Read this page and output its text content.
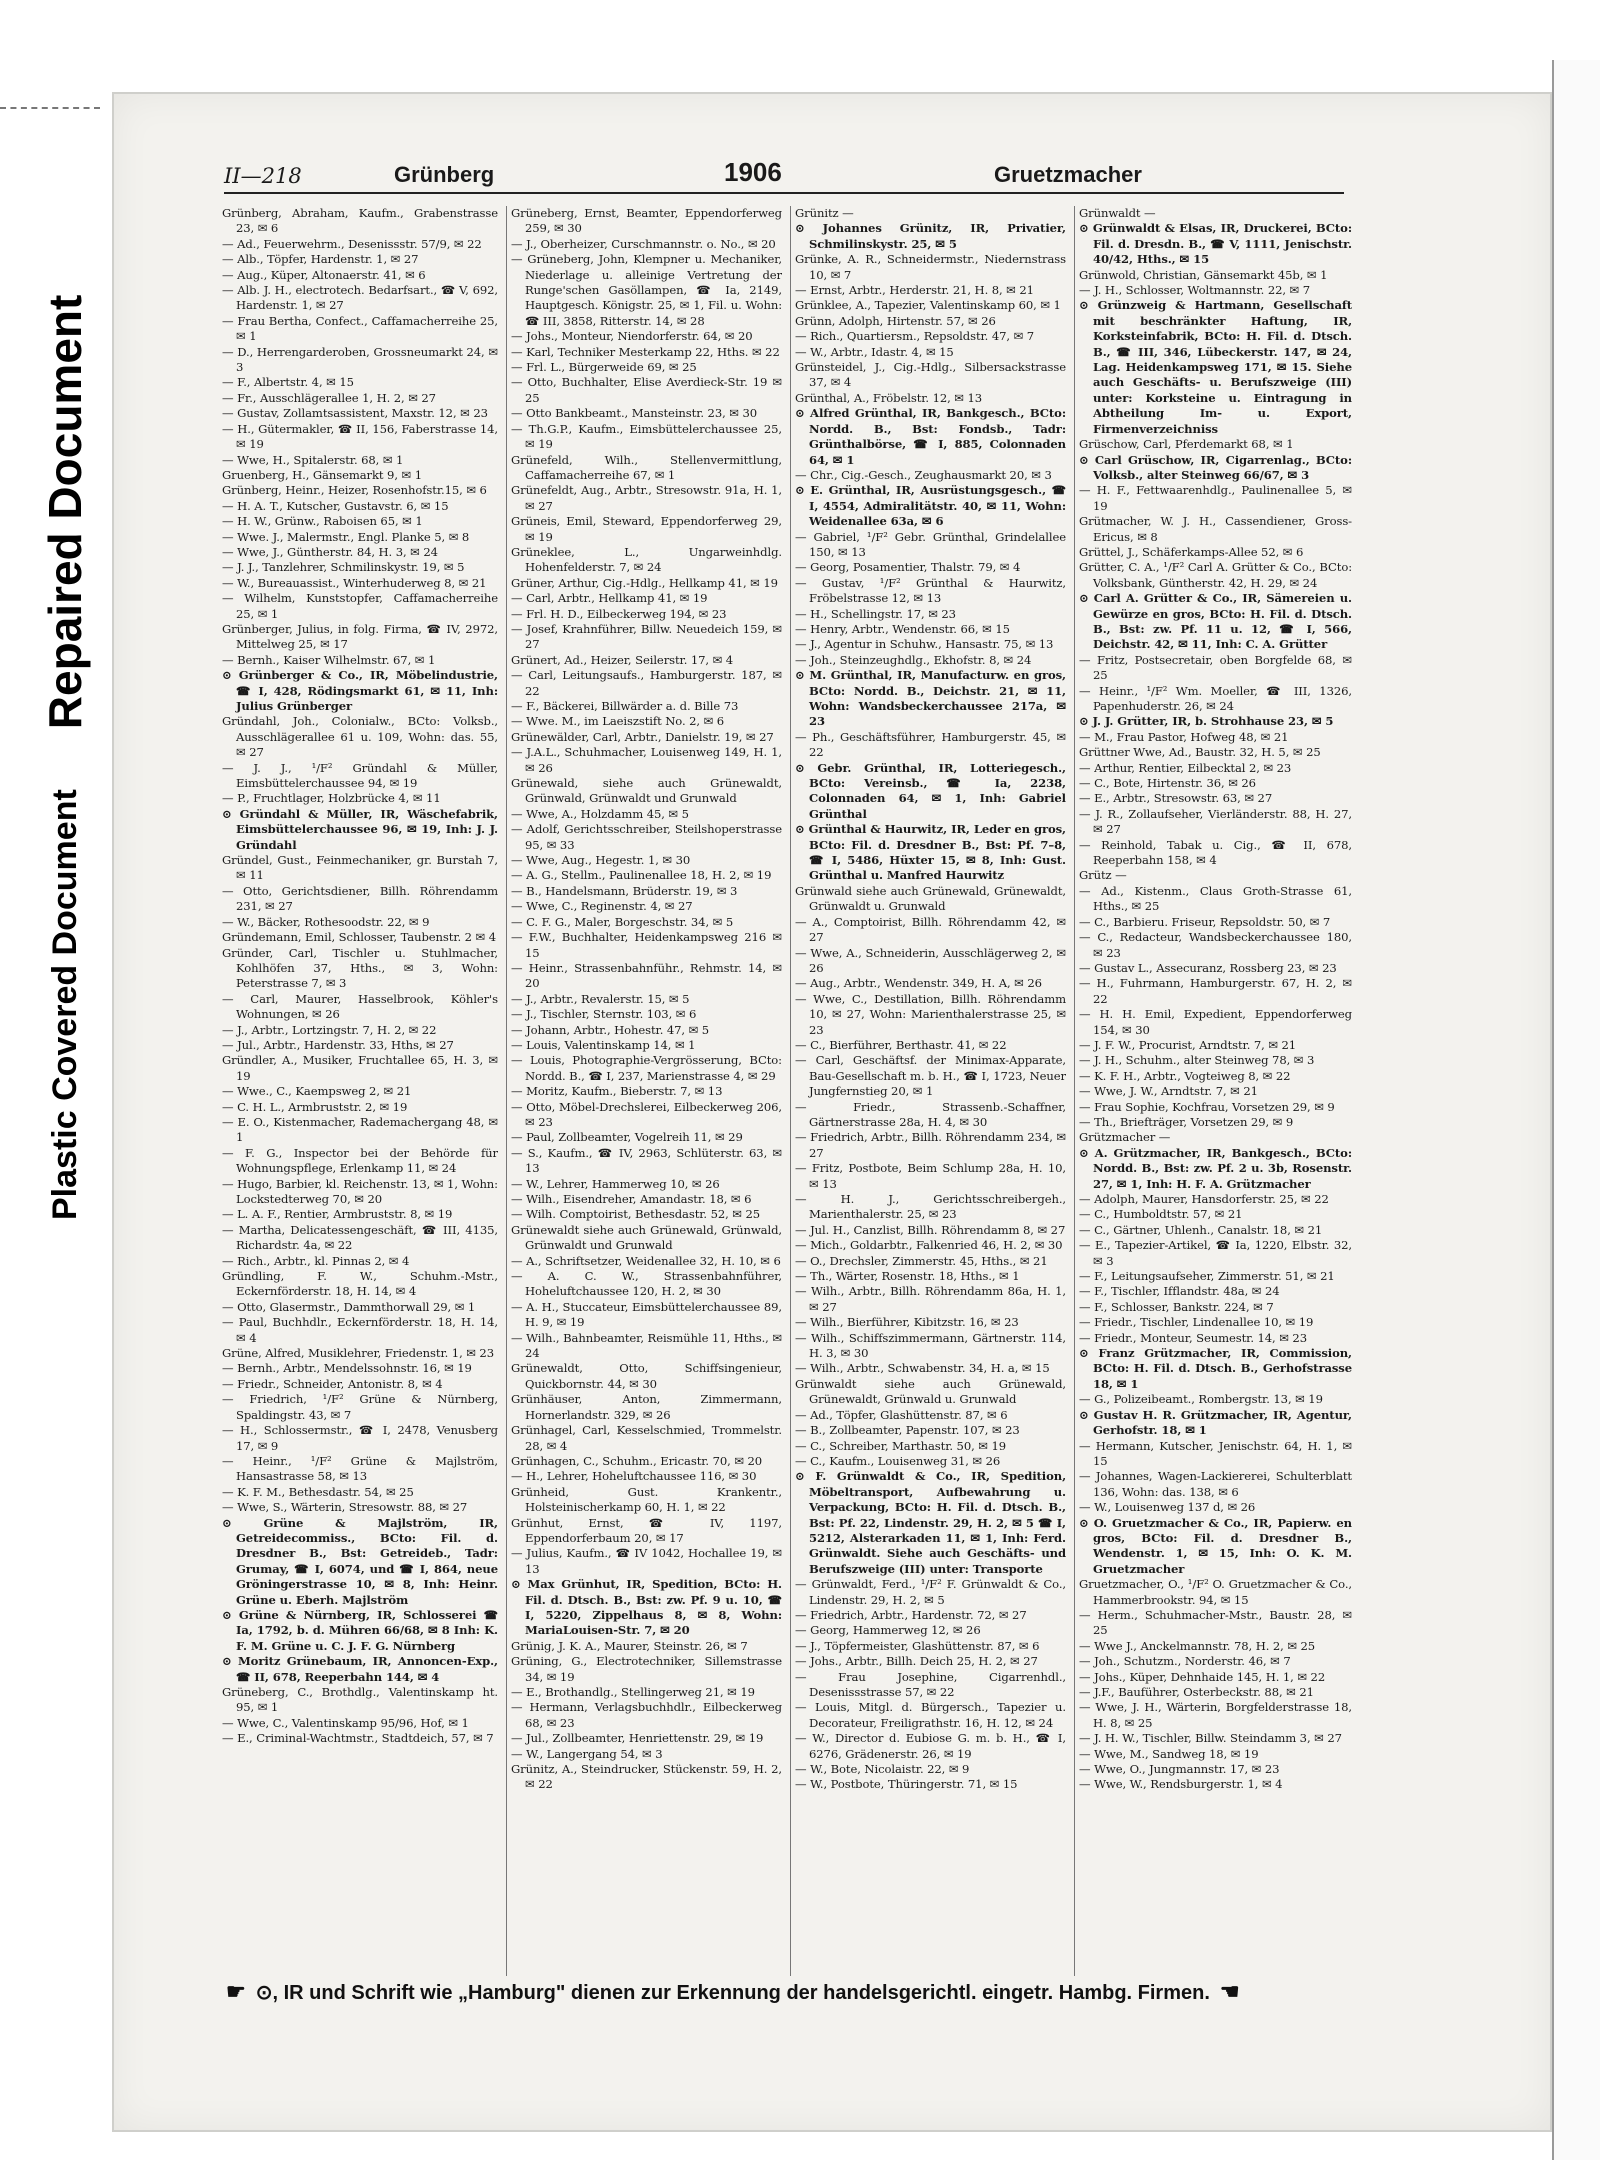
Plastic Covered Document
Repaired Document
II—218	Grünberg	1906	Gruetzmacher
Grünberg, Abraham, Kaufm., Grabenstrasse 23, ✉ 6
— Ad., Feuerwehrm., Desenissstr. 57/9, ✉ 22
— Alb., Töpfer, Hardenstr. 1, ✉ 27
— Aug., Küper, Altonaerstr. 41, ✉ 6
— Alb. J. H., electrotech. Bedarfsart., ☎ V, 692, Hardenstr. 1, ✉ 27
— Frau Bertha, Confect., Caffamacherreihe 25, ✉ 1
— D., Herrengarderoben, Grossneumarkt 24, ✉ 3
— F., Albertstr. 4, ✉ 15
— Fr., Ausschlägerallee 1, H. 2, ✉ 27
— Gustav, Zollamtsassistent, Maxstr. 12, ✉ 23
— H., Gütermakler, ☎ II, 156, Faberstrasse 14, ✉ 19
— Wwe, H., Spitalerstr. 68, ✉ 1
Gruenberg, H., Gänsemarkt 9, ✉ 1
Grünberg, Heinr., Heizer, Rosenhofstr.15, ✉ 6
— H. A. T., Kutscher, Gustavstr. 6, ✉ 15
— H. W., Grünw., Raboisen 65, ✉ 1
— Wwe. J., Malermstr., Engl. Planke 5, ✉ 8
— Wwe, J., Güntherstr. 84, H. 3, ✉ 24
— J. J., Tanzlehrer, Schmilinskystr. 19, ✉ 5
— W., Bureauassist., Winterhuderweg 8, ✉ 21
— Wilhelm, Kunststopfer, Caffamacherreihe 25, ✉ 1
Grünberger, Julius, in folg. Firma, ☎ IV, 2972, Mittelweg 25, ✉ 17
— Bernh., Kaiser Wilhelmstr. 67, ✉ 1
⊙ Grünberger & Co., IR, Möbelindustrie, ☎ I, 428, Rödingsmarkt 61, ✉ 11, Inh: Julius Grünberger
Gründahl, Joh., Colonialw., BCto: Volksb., Ausschlägerallee 61 u. 109, Wohn: das. 55, ✉ 27
— J. J., ¹/F² Gründahl & Müller, Eimsbüttelerchaussee 94, ✉ 19
— P., Fruchtlager, Holzbrücke 4, ✉ 11
⊙ Gründahl & Müller, IR, Wäschefabrik, Eimsbüttelerchaussee 96, ✉ 19, Inh: J. J. Gründahl
Gründel, Gust., Feinmechaniker, gr. Burstah 7, ✉ 11
— Otto, Gerichtsdiener, Billh. Röhrendamm 231, ✉ 27
— W., Bäcker, Rothesoodstr. 22, ✉ 9
Gründemann, Emil, Schlosser, Taubenstr. 2 ✉ 4
Gründer, Carl, Tischler u. Stuhlmacher, Kohlhöfen 37, Hths., ✉ 3, Wohn: Peterstrasse 7, ✉ 3
— Carl, Maurer, Hasselbrook, Köhler's Wohnungen, ✉ 26
— J., Arbtr., Lortzingstr. 7, H. 2, ✉ 22
— Jul., Arbtr., Hardenstr. 33, Hths, ✉ 27
Gründler, A., Musiker, Fruchtallee 65, H. 3, ✉ 19
— Wwe., C., Kaempsweg 2, ✉ 21
— C. H. L., Armbruststr. 2, ✉ 19
— E. O., Kistenmacher, Rademachergang 48, ✉ 1
— F. G., Inspector bei der Behörde für Wohnungspflege, Erlenkamp 11, ✉ 24
— Hugo, Barbier, kl. Reichenstr. 13, ✉ 1, Wohn: Lockstedterweg 70, ✉ 20
— L. A. F., Rentier, Armbruststr. 8, ✉ 19
— Martha, Delicatessengeschäft, ☎ III, 4135, Richardstr. 4a, ✉ 22
— Rich., Arbtr., kl. Pinnas 2, ✉ 4
Gründling, F. W., Schuhm.-Mstr., Eckernförderstr. 18, H. 14, ✉ 4
— Otto, Glasermstr., Dammthorwall 29, ✉ 1
— Paul, Buchhdlr., Eckernförderstr. 18, H. 14, ✉ 4
Grüne, Alfred, Musiklehrer, Friedenstr. 1, ✉ 23
— Bernh., Arbtr., Mendelssohnstr. 16, ✉ 19
— Friedr., Schneider, Antonistr. 8, ✉ 4
— Friedrich, ¹/F² Grüne & Nürnberg, Spaldingstr. 43, ✉ 7
— H., Schlossermstr., ☎ I, 2478, Venusberg 17, ✉ 9
— Heinr., ¹/F² Grüne & Majlström, Hansastrasse 58, ✉ 13
— K. F. M., Bethesdastr. 54, ✉ 25
— Wwe, S., Wärterin, Stresowstr. 88, ✉ 27
⊙ Grüne & Majlström, IR, Getreidecommiss., BCto: Fil. d. Dresdner B., Bst: Getreideb., Tadr: Grumay, ☎ I, 6074, und ☎ I, 864, neue Gröningerstrasse 10, ✉ 8, Inh: Heinr. Grüne u. Eberh. Majlström
⊙ Grüne & Nürnberg, IR, Schlosserei ☎ Ia, 1792, b. d. Mühren 66/68, ✉ 8 Inh: K. F. M. Grüne u. C. J. F. G. Nürnberg
⊙ Moritz Grünebaum, IR, Annoncen-Exp., ☎ II, 678, Reeperbahn 144, ✉ 4
Grüneberg, C., Brothdlg., Valentinskamp ht. 95, ✉ 1
— Wwe, C., Valentinskamp 95/96, Hof, ✉ 1
— E., Criminal-Wachtmstr., Stadtdeich, 57, ✉ 7
Grüneberg, Ernst, Beamter, Eppendorferweg 259, ✉ 30
— J., Oberheizer, Curschmannstr. o. No., ✉ 20
— Grüneberg, John, Klempner u. Mechaniker, Niederlage u. alleinige Vertretung der Runge'schen Gasöllampen, ☎ Ia, 2149, Hauptgesch. Königstr. 25, ✉ 1, Fil. u. Wohn: ☎ III, 3858, Ritterstr. 14, ✉ 28
— Johs., Monteur, Niendorferstr. 64, ✉ 20
— Karl, Techniker Mesterkamp 22, Hths. ✉ 22
— Frl. L., Bürgerweide 69, ✉ 25
— Otto, Buchhalter, Elise Averdieck-Str. 19 ✉ 25
— Otto Bankbeamt., Mansteinstr. 23, ✉ 30
— Th.G.P., Kaufm., Eimsbüttelerchaussee 25, ✉ 19
Grünefeld, Wilh., Stellenvermittlung, Caffamacherreihe 67, ✉ 1
Grünefeldt, Aug., Arbtr., Stresowstr. 91a, H. 1, ✉ 27
Grüneis, Emil, Steward, Eppendorferweg 29, ✉ 19
Grüneklee, L., Ungarweinhdlg. Hohenfelderstr. 7, ✉ 24
Grüner, Arthur, Cig.-Hdlg., Hellkamp 41, ✉ 19
— Carl, Arbtr., Hellkamp 41, ✉ 19
— Frl. H. D., Eilbeckerweg 194, ✉ 23
— Josef, Krahnführer, Billw. Neuedeich 159, ✉ 27
Grünert, Ad., Heizer, Seilerstr. 17, ✉ 4
— Carl, Leitungsaufs., Hamburgerstr. 187, ✉ 22
— F., Bäckerei, Billwärder a. d. Bille 73
— Wwe. M., im Laeiszstift No. 2, ✉ 6
Grünewälder, Carl, Arbtr., Danielstr. 19, ✉ 27
— J.A.L., Schuhmacher, Louisenweg 149, H. 1, ✉ 26
Grünewald, siehe auch Grünewaldt, Grünwald, Grünwaldt und Grunwald
— Wwe, A., Holzdamm 45, ✉ 5
— Adolf, Gerichtsschreiber, Steilshoperstrasse 95, ✉ 33
— Wwe, Aug., Hegestr. 1, ✉ 30
— A. G., Stellm., Paulinenallee 18, H. 2, ✉ 19
— B., Handelsmann, Brüderstr. 19, ✉ 3
— Wwe, C., Reginenstr. 4, ✉ 27
— C. F. G., Maler, Borgeschstr. 34, ✉ 5
— F.W., Buchhalter, Heidenkampsweg 216 ✉ 15
— Heinr., Strassenbahnführ., Rehmstr. 14, ✉ 20
— J., Arbtr., Revalerstr. 15, ✉ 5
— J., Tischler, Sternstr. 103, ✉ 6
— Johann, Arbtr., Hohestr. 47, ✉ 5
— Louis, Valentinskamp 14, ✉ 1
— Louis, Photographie-Vergrösserung, BCto: Nordd. B., ☎ I, 237, Marienstrasse 4, ✉ 29
— Moritz, Kaufm., Bieberstr. 7, ✉ 13
— Otto, Möbel-Drechslerei, Eilbeckerweg 206, ✉ 23
— Paul, Zollbeamter, Vogelreih 11, ✉ 29
— S., Kaufm., ☎ IV, 2963, Schlüterstr. 63, ✉ 13
— W., Lehrer, Hammerweg 10, ✉ 26
— Wilh., Eisendreher, Amandastr. 18, ✉ 6
— Wilh. Comptoirist, Bethesdastr. 52, ✉ 25
Grünewaldt siehe auch Grünewald, Grünwald, Grünwaldt und Grunwald
— A., Schriftsetzer, Weidenallee 32, H. 10, ✉ 6
— A. C. W., Strassenbahnführer, Hoheluftchaussee 120, H. 2, ✉ 30
— A. H., Stuccateur, Eimsbüttelerchaussee 89, H. 9, ✉ 19
— Wilh., Bahnbeamter, Reismühle 11, Hths., ✉ 24
Grünewaldt, Otto, Schiffsingenieur, Quickbornstr. 44, ✉ 30
Grünhäuser, Anton, Zimmermann, Hornerlandstr. 329, ✉ 26
Grünhagel, Carl, Kesselschmied, Trommelstr. 28, ✉ 4
Grünhagen, C., Schuhm., Ericastr. 70, ✉ 20
— H., Lehrer, Hoheluftchaussee 116, ✉ 30
Grünheid, Gust. Krankentr., Holsteinischerkamp 60, H. 1, ✉ 22
Grünhut, Ernst, ☎ IV, 1197, Eppendorferbaum 20, ✉ 17
— Julius, Kaufm., ☎ IV 1042, Hochallee 19, ✉ 13
⊙ Max Grünhut, IR, Spedition, BCto: H. Fil. d. Dtsch. B., Bst: zw. Pf. 9 u. 10, ☎ I, 5220, Zippelhaus 8, ✉ 8, Wohn: MariaLouisen-Str. 7, ✉ 20
Grünig, J. K. A., Maurer, Steinstr. 26, ✉ 7
Grüning, G., Electrotechniker, Sillemstrasse 34, ✉ 19
— E., Brothandlg., Stellingerweg 21, ✉ 19
— Hermann, Verlagsbuchhdlr., Eilbeckerweg 68, ✉ 23
— Jul., Zollbeamter, Henriettenstr. 29, ✉ 19
— W., Langergang 54, ✉ 3
Grünitz, A., Steindrucker, Stückenstr. 59, H. 2, ✉ 22
Grünitz —
⊙ Johannes Grünitz, IR, Privatier, Schmilinskystr. 25, ✉ 5
Grünke, A. R., Schneidermstr., Niedernstrass 10, ✉ 7
— Ernst, Arbtr., Herderstr. 21, H. 8, ✉ 21
Grünklee, A., Tapezier, Valentinskamp 60, ✉ 1
Grünn, Adolph, Hirtenstr. 57, ✉ 26
— Rich., Quartiersm., Repsoldstr. 47, ✉ 7
— W., Arbtr., Idastr. 4, ✉ 15
Grünsteidel, J., Cig.-Hdlg., Silbersackstrasse 37, ✉ 4
Grünthal, A., Fröbelstr. 12, ✉ 13
⊙ Alfred Grünthal, IR, Bankgesch., BCto: Nordd. B., Bst: Fondsb., Tadr: Grünthalbörse, ☎ I, 885, Colonnaden 64, ✉ 1
— Chr., Cig.-Gesch., Zeughausmarkt 20, ✉ 3
⊙ E. Grünthal, IR, Ausrüstungsgesch., ☎ I, 4554, Admiralitätstr. 40, ✉ 11, Wohn: Weidenallee 63a, ✉ 6
— Gabriel, ¹/F² Gebr. Grünthal, Grindelallee 150, ✉ 13
— Georg, Posamentier, Thalstr. 79, ✉ 4
— Gustav, ¹/F² Grünthal & Haurwitz, Fröbelstrasse 12, ✉ 13
— H., Schellingstr. 17, ✉ 23
— Henry, Arbtr., Wendenstr. 66, ✉ 15
— J., Agentur in Schuhw., Hansastr. 75, ✉ 13
— Joh., Steinzeughdlg., Ekhofstr. 8, ✉ 24
⊙ M. Grünthal, IR, Manufacturw. en gros, BCto: Nordd. B., Deichstr. 21, ✉ 11, Wohn: Wandsbeckerchaussee 217a, ✉ 23
— Ph., Geschäftsführer, Hamburgerstr. 45, ✉ 22
⊙ Gebr. Grünthal, IR, Lotteriegesch., BCto: Vereinsb., ☎ Ia, 2238, Colonnaden 64, ✉ 1, Inh: Gabriel Grünthal
⊙ Grünthal & Haurwitz, IR, Leder en gros, BCto: Fil. d. Dresdner B., Bst: Pf. 7–8, ☎ I, 5486, Hüxter 15, ✉ 8, Inh: Gust. Grünthal u. Manfred Haurwitz
Grünwald siehe auch Grünewald, Grünewaldt, Grünwaldt u. Grunwald
— A., Comptoirist, Billh. Röhrendamm 42, ✉ 27
— Wwe, A., Schneiderin, Ausschlägerweg 2, ✉ 26
— Aug., Arbtr., Wendenstr. 349, H. A, ✉ 26
— Wwe, C., Destillation, Billh. Röhrendamm 10, ✉ 27, Wohn: Marienthalerstrasse 25, ✉ 23
— C., Bierführer, Berthastr. 41, ✉ 22
— Carl, Geschäftsf. der Minimax-Apparate, Bau-Gesellschaft m. b. H., ☎ I, 1723, Neuer Jungfernstieg 20, ✉ 1
— Friedr., Strassenb.-Schaffner, Gärtnerstrasse 28a, H. 4, ✉ 30
— Friedrich, Arbtr., Billh. Röhrendamm 234, ✉ 27
— Fritz, Postbote, Beim Schlump 28a, H. 10, ✉ 13
— H. J., Gerichtsschreibergeh., Marienthalerstr. 25, ✉ 23
— Jul. H., Canzlist, Billh. Röhrendamm 8, ✉ 27
— Mich., Goldarbtr., Falkenried 46, H. 2, ✉ 30
— O., Drechsler, Zimmerstr. 45, Hths., ✉ 21
— Th., Wärter, Rosenstr. 18, Hths., ✉ 1
— Wilh., Arbtr., Billh. Röhrendamm 86a, H. 1, ✉ 27
— Wilh., Bierführer, Kibitzstr. 16, ✉ 23
— Wilh., Schiffszimmermann, Gärtnerstr. 114, H. 3, ✉ 30
— Wilh., Arbtr., Schwabenstr. 34, H. a, ✉ 15
Grünwaldt siehe auch Grünewald, Grünewaldt, Grünwald u. Grunwald
— Ad., Töpfer, Glashüttenstr. 87, ✉ 6
— B., Zollbeamter, Papenstr. 107, ✉ 23
— C., Schreiber, Marthastr. 50, ✉ 19
— C., Kaufm., Louisenweg 31, ✉ 26
⊙ F. Grünwaldt & Co., IR, Spedition, Möbeltransport, Aufbewahrung u. Verpackung, BCto: H. Fil. d. Dtsch. B., Bst: Pf. 22, Lindenstr. 29, H. 2, ✉ 5 ☎ I, 5212, Alsterarkaden 11, ✉ 1, Inh: Ferd. Grünwaldt. Siehe auch Geschäfts- und Berufszweige (III) unter: Transporte
— Grünwaldt, Ferd., ¹/F² F. Grünwaldt & Co., Lindenstr. 29, H. 2, ✉ 5
— Friedrich, Arbtr., Hardenstr. 72, ✉ 27
— Georg, Hammerweg 12, ✉ 26
— J., Töpfermeister, Glashüttenstr. 87, ✉ 6
— Johs., Arbtr., Billh. Deich 25, H. 2, ✉ 27
— Frau Josephine, Cigarrenhdl., Desenissstrasse 57, ✉ 22
— Louis, Mitgl. d. Bürgersch., Tapezier u. Decorateur, Freiligrathstr. 16, H. 12, ✉ 24
— W., Director d. Eubiose G. m. b. H., ☎ I, 6276, Grädenerstr. 26, ✉ 19
— W., Bote, Nicolaistr. 22, ✉ 9
— W., Postbote, Thüringerstr. 71, ✉ 15
Grünwaldt —
⊙ Grünwaldt & Elsas, IR, Druckerei, BCto: Fil. d. Dresdn. B., ☎ V, 1111, Jenischstr. 40/42, Hths., ✉ 15
Grünwold, Christian, Gänsemarkt 45b, ✉ 1
— J. H., Schlosser, Woltmannstr. 22, ✉ 7
⊙ Grünzweig & Hartmann, Gesellschaft mit beschränkter Haftung, IR, Korksteinfabrik, BCto: H. Fil. d. Dtsch. B., ☎ III, 346, Lübeckerstr. 147, ✉ 24, Lag. Heidenkampsweg 171, ✉ 15. Siehe auch Geschäfts- u. Berufszweige (III) unter: Korksteine u. Eintragung in Abtheilung Im- u. Export, Firmenverzeichniss
Grüschow, Carl, Pferdemarkt 68, ✉ 1
⊙ Carl Grüschow, IR, Cigarrenlag., BCto: Volksb., alter Steinweg 66/67, ✉ 3
— H. F., Fettwaarenhdlg., Paulinenallee 5, ✉ 19
Grütmacher, W. J. H., Cassendiener, Gross-Ericus, ✉ 8
Grüttel, J., Schäferkamps-Allee 52, ✉ 6
Grütter, C. A., ¹/F² Carl A. Grütter & Co., BCto: Volksbank, Güntherstr. 42, H. 29, ✉ 24
⊙ Carl A. Grütter & Co., IR, Sämereien u. Gewürze en gros, BCto: H. Fil. d. Dtsch. B., Bst: zw. Pf. 11 u. 12, ☎ I, 566, Deichstr. 42, ✉ 11, Inh: C. A. Grütter
— Fritz, Postsecretair, oben Borgfelde 68, ✉ 25
— Heinr., ¹/F² Wm. Moeller, ☎ III, 1326, Papenhuderstr. 26, ✉ 24
⊙ J. J. Grütter, IR, b. Strohhause 23, ✉ 5
— M., Frau Pastor, Hofweg 48, ✉ 21
Grüttner Wwe, Ad., Baustr. 32, H. 5, ✉ 25
— Arthur, Rentier, Eilbecktal 2, ✉ 23
— C., Bote, Hirtenstr. 36, ✉ 26
— E., Arbtr., Stresowstr. 63, ✉ 27
— J. R., Zollaufseher, Vierländerstr. 88, H. 27, ✉ 27
— Reinhold, Tabak u. Cig., ☎ II, 678, Reeperbahn 158, ✉ 4
Grütz —
— Ad., Kistenm., Claus Groth-Strasse 61, Hths., ✉ 25
— C., Barbieru. Friseur, Repsoldstr. 50, ✉ 7
— C., Redacteur, Wandsbeckerchaussee 180, ✉ 23
— Gustav L., Assecuranz, Rossberg 23, ✉ 23
— H., Fuhrmann, Hamburgerstr. 67, H. 2, ✉ 22
— H. H. Emil, Expedient, Eppendorferweg 154, ✉ 30
— J. F. W., Procurist, Arndtstr. 7, ✉ 21
— J. H., Schuhm., alter Steinweg 78, ✉ 3
— K. F. H., Arbtr., Vogteiweg 8, ✉ 22
— Wwe, J. W., Arndtstr. 7, ✉ 21
— Frau Sophie, Kochfrau, Vorsetzen 29, ✉ 9
— Th., Briefträger, Vorsetzen 29, ✉ 9
Grützmacher —
⊙ A. Grützmacher, IR, Bankgesch., BCto: Nordd. B., Bst: zw. Pf. 2 u. 3b, Rosenstr. 27, ✉ 1, Inh: H. F. A. Grützmacher
— Adolph, Maurer, Hansdorferstr. 25, ✉ 22
— C., Humboldtstr. 57, ✉ 21
— C., Gärtner, Uhlenh., Canalstr. 18, ✉ 21
— E., Tapezier-Artikel, ☎ Ia, 1220, Elbstr. 32, ✉ 3
— F., Leitungsaufseher, Zimmerstr. 51, ✉ 21
— F., Tischler, Ifflandstr. 48a, ✉ 24
— F., Schlosser, Bankstr. 224, ✉ 7
— Friedr., Tischler, Lindenallee 10, ✉ 19
— Friedr., Monteur, Seumestr. 14, ✉ 23
⊙ Franz Grützmacher, IR, Commission, BCto: H. Fil. d. Dtsch. B., Gerhofstrasse 18, ✉ 1
— G., Polizeibeamt., Rombergstr. 13, ✉ 19
⊙ Gustav H. R. Grützmacher, IR, Agentur, Gerhofstr. 18, ✉ 1
— Hermann, Kutscher, Jenischstr. 64, H. 1, ✉ 15
— Johannes, Wagen-Lackiererei, Schulterblatt 136, Wohn: das. 138, ✉ 6
— W., Louisenweg 137 d, ✉ 26
⊙ O. Gruetzmacher & Co., IR, Papierw. en gros, BCto: Fil. d. Dresdner B., Wendenstr. 1, ✉ 15, Inh: O. K. M. Gruetzmacher
Gruetzmacher, O., ¹/F² O. Gruetzmacher & Co., Hammerbrookstr. 94, ✉ 15
— Herm., Schuhmacher-Mstr., Baustr. 28, ✉ 25
— Wwe J., Anckelmannstr. 78, H. 2, ✉ 25
— Joh., Schutzm., Norderstr. 46, ✉ 7
— Johs., Küper, Dehnhaide 145, H. 1, ✉ 22
— J.F., Bauführer, Osterbeckstr. 88, ✉ 21
— Wwe, J. H., Wärterin, Borgfelderstrasse 18, H. 8, ✉ 25
— J. H. W., Tischler, Billw. Steindamm 3, ✉ 27
— Wwe, M., Sandweg 18, ✉ 19
— Wwe, O., Jungmannstr. 17, ✉ 23
— Wwe, W., Rendsburgerstr. 1, ✉ 4
☛ ⊙, IR und Schrift wie „Hamburg" dienen zur Erkennung der handelsgerichtl. eingetr. Hambg. Firmen. ☚
